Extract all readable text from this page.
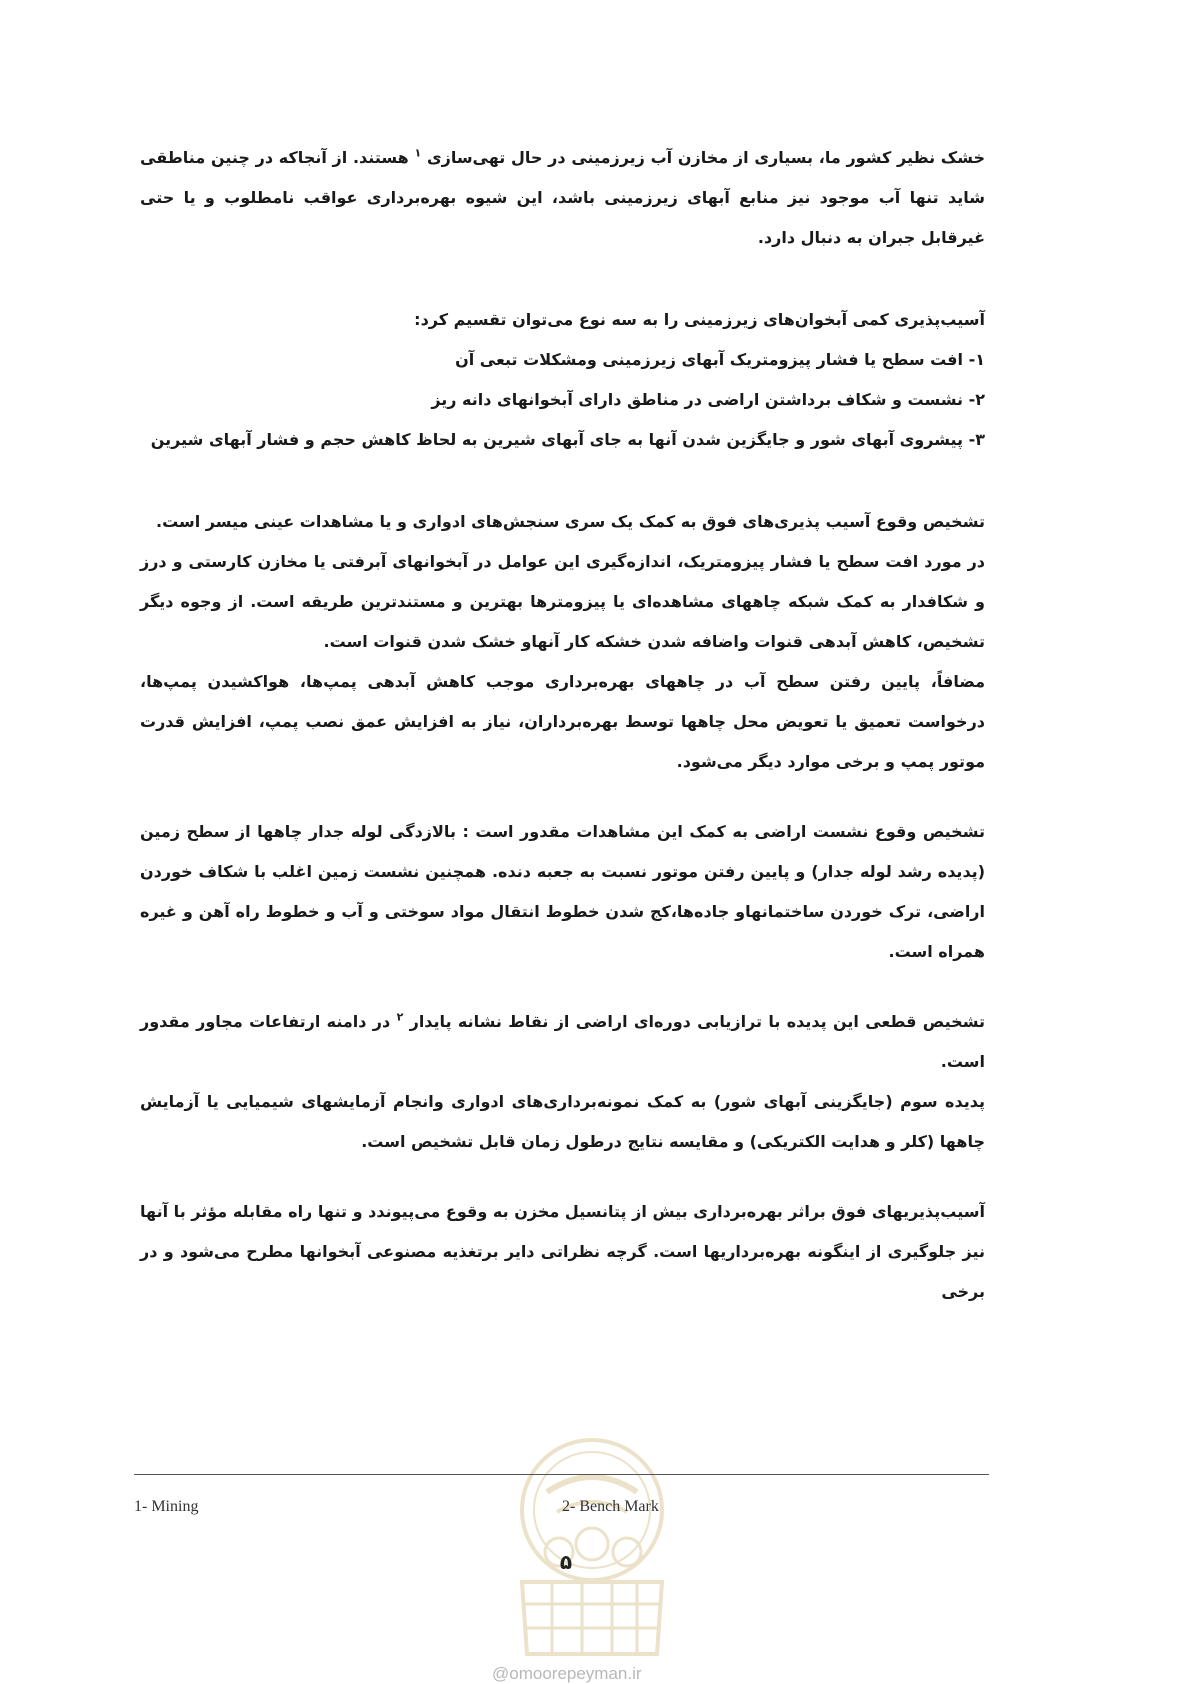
خشک نظیر کشور ما، بسیاری از مخازن آب زیرزمینی در حال تهی‌سازی $^۱$ هستند. از آنجاکه در چنین مناطقی شاید تنها آب موجود نیز منابع آبهای زیرزمینی باشد، این شیوه بهره‌برداری عواقب نامطلوب و یا حتی غیرقابل جبران به دنبال دارد.

آسیب‌پذیری کمی آبخوان‌های زیرزمینی را به سه نوع می‌توان تقسیم کرد:

۱- افت سطح یا فشار پیزومتریک آبهای زیرزمینی ومشکلات تبعی آن

۲- نشست و شکاف برداشتن اراضی در مناطق دارای آبخوانهای دانه ریز

۳- پیشروی آبهای شور و جایگزین شدن آنها به جای آبهای شیرین به لحاظ کاهش حجم و فشار آبهای شیرین

تشخیص وقوع آسیب پذیری‌های فوق به کمک یک سری سنجش‌های ادواری و یا مشاهدات عینی میسر است.

در مورد افت سطح یا فشار پیزومتریک، اندازه‌گیری این عوامل در آبخوانهای آبرفتی یا مخازن کارستی و درز و شکافدار به کمک شبکه چاههای مشاهده‌ای یا پیزومترها بهترین و مستندترین طریقه است. از وجوه دیگر تشخیص، کاهش آبدهی قنوات واضافه شدن خشکه کار آنهاو خشک شدن قنوات است.

مضافاً، پایین رفتن سطح آب در چاههای بهره‌برداری موجب کاهش آبدهی پمپ‌ها، هواکشیدن پمپ‌ها، درخواست تعمیق یا تعویض محل چاهها توسط بهره‌برداران، نیاز به افزایش عمق نصب پمپ، افزایش قدرت موتور پمپ و برخی موارد دیگر می‌شود.

تشخیص وقوع نشست اراضی به کمک این مشاهدات مقدور است : بالازدگی لوله جدار چاهها از سطح زمین (پدیده رشد لوله جدار) و پایین رفتن موتور نسبت به جعبه دنده. همچنین نشست زمین اغلب با شکاف خوردن اراضی، ترک خوردن ساختمانهاو جاده‌ها،کج شدن خطوط انتقال مواد سوختی و آب و خطوط راه آهن و غیره همراه است.

تشخیص قطعی این پدیده با ترازیابی دوره‌ای اراضی از نقاط نشانه پایدار $^۲$ در دامنه ارتفاعات مجاور مقدور است.

پدیده سوم (جایگزینی آبهای شور) به کمک نمونه‌برداری‌های ادواری وانجام آزمایشهای شیمیایی یا آزمایش چاهها (کلر و هدایت الکتریکی) و مقایسه نتایج درطول زمان قابل تشخیص است.

آسیب‌پذیریهای فوق براثر بهره‌برداری بیش از پتانسیل مخزن به وقوع می‌پیوندد و تنها راه مقابله مؤثر با آنها نیز جلوگیری از اینگونه بهره‌برداریها است. گرچه نظراتی دایر برتغذیه مصنوعی آبخوانها مطرح می‌شود و در برخی

1- Mining	2- Bench Mark
۵
@omoorepeyman.ir
